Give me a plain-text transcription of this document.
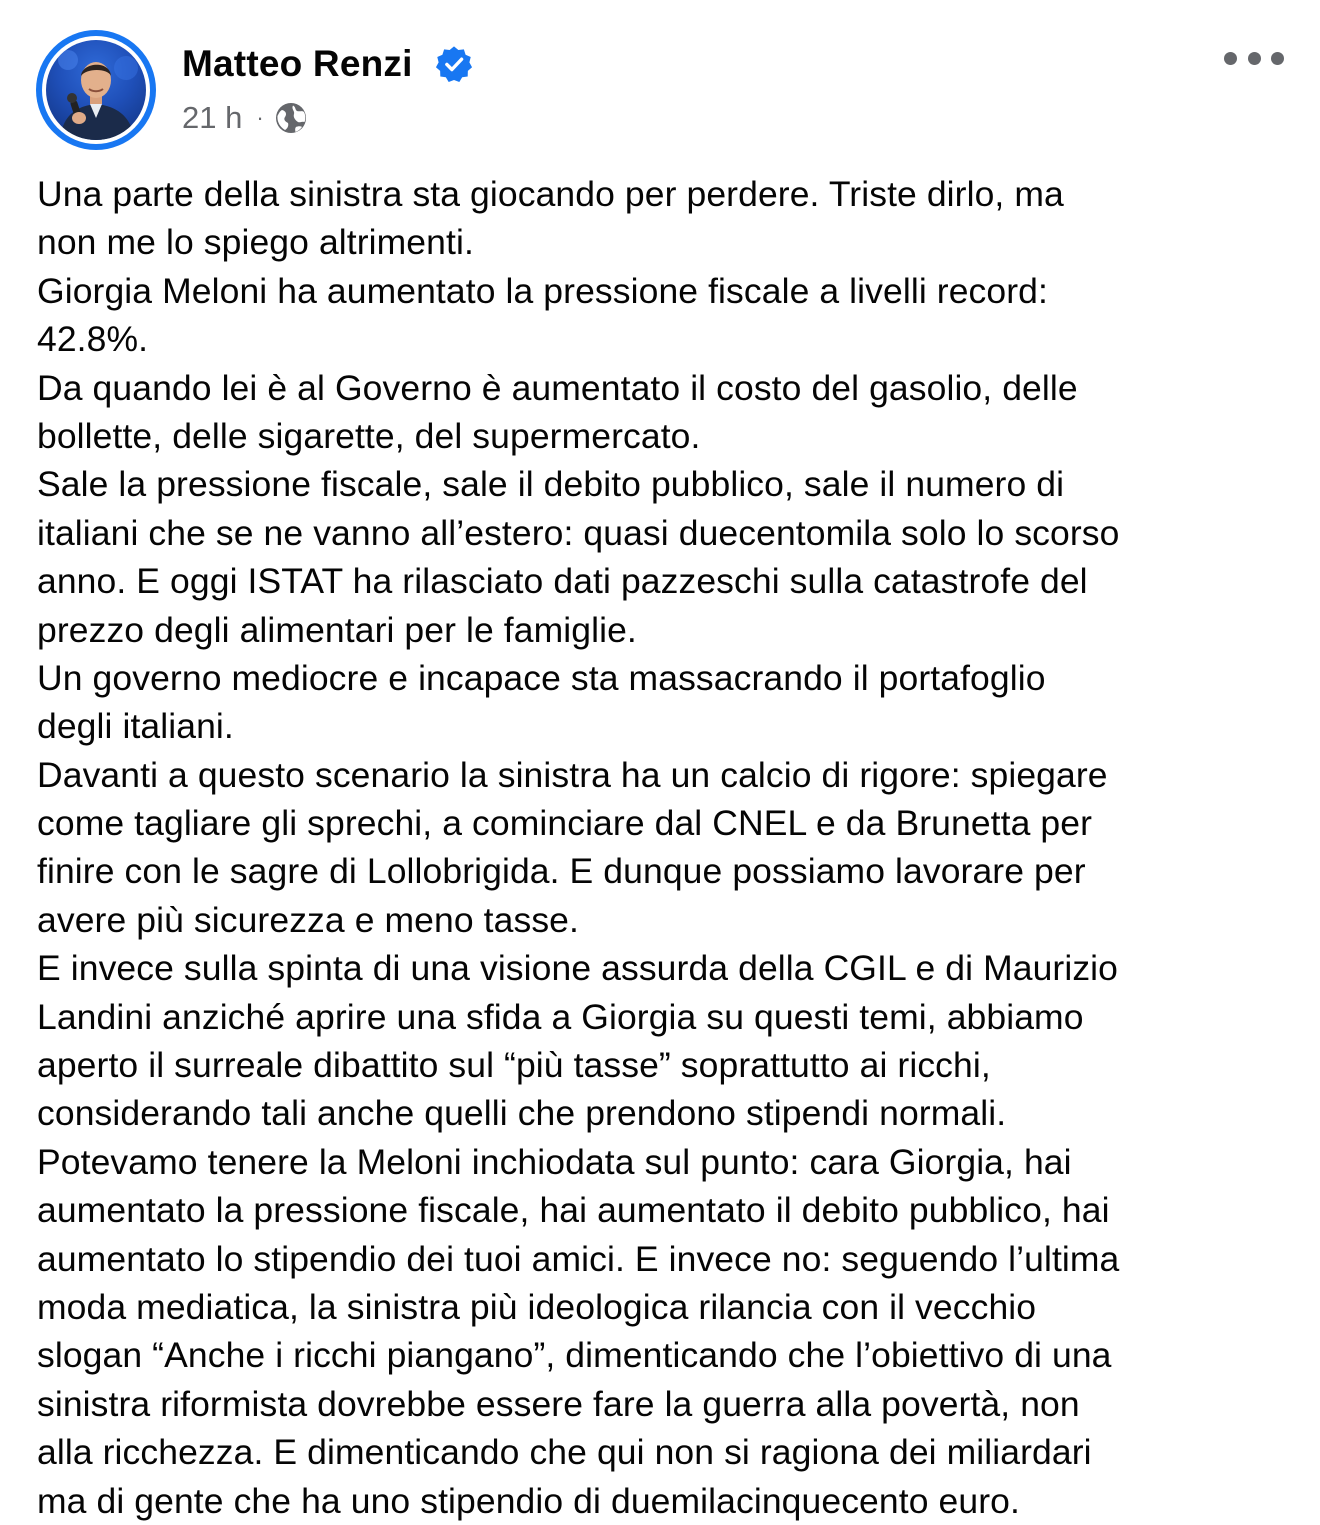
Matteo Renzi
21 h ·
Una parte della sinistra sta giocando per perdere. Triste dirlo, ma
non me lo spiego altrimenti.
Giorgia Meloni ha aumentato la pressione fiscale a livelli record:
42.8%.
Da quando lei è al Governo è aumentato il costo del gasolio, delle
bollette, delle sigarette, del supermercato.
Sale la pressione fiscale, sale il debito pubblico, sale il numero di
italiani che se ne vanno all’estero: quasi duecentomila solo lo scorso
anno. E oggi ISTAT ha rilasciato dati pazzeschi sulla catastrofe del
prezzo degli alimentari per le famiglie.
Un governo mediocre e incapace sta massacrando il portafoglio
degli italiani.
Davanti a questo scenario la sinistra ha un calcio di rigore: spiegare
come tagliare gli sprechi, a cominciare dal CNEL e da Brunetta per
finire con le sagre di Lollobrigida. E dunque possiamo lavorare per
avere più sicurezza e meno tasse.
E invece sulla spinta di una visione assurda della CGIL e di Maurizio
Landini anziché aprire una sfida a Giorgia su questi temi, abbiamo
aperto il surreale dibattito sul “più tasse” soprattutto ai ricchi,
considerando tali anche quelli che prendono stipendi normali.
Potevamo tenere la Meloni inchiodata sul punto: cara Giorgia, hai
aumentato la pressione fiscale, hai aumentato il debito pubblico, hai
aumentato lo stipendio dei tuoi amici. E invece no: seguendo l’ultima
moda mediatica, la sinistra più ideologica rilancia con il vecchio
slogan “Anche i ricchi piangano”, dimenticando che l’obiettivo di una
sinistra riformista dovrebbe essere fare la guerra alla povertà, non
alla ricchezza. E dimenticando che qui non si ragiona dei miliardari
ma di gente che ha uno stipendio di duemilacinquecento euro.
